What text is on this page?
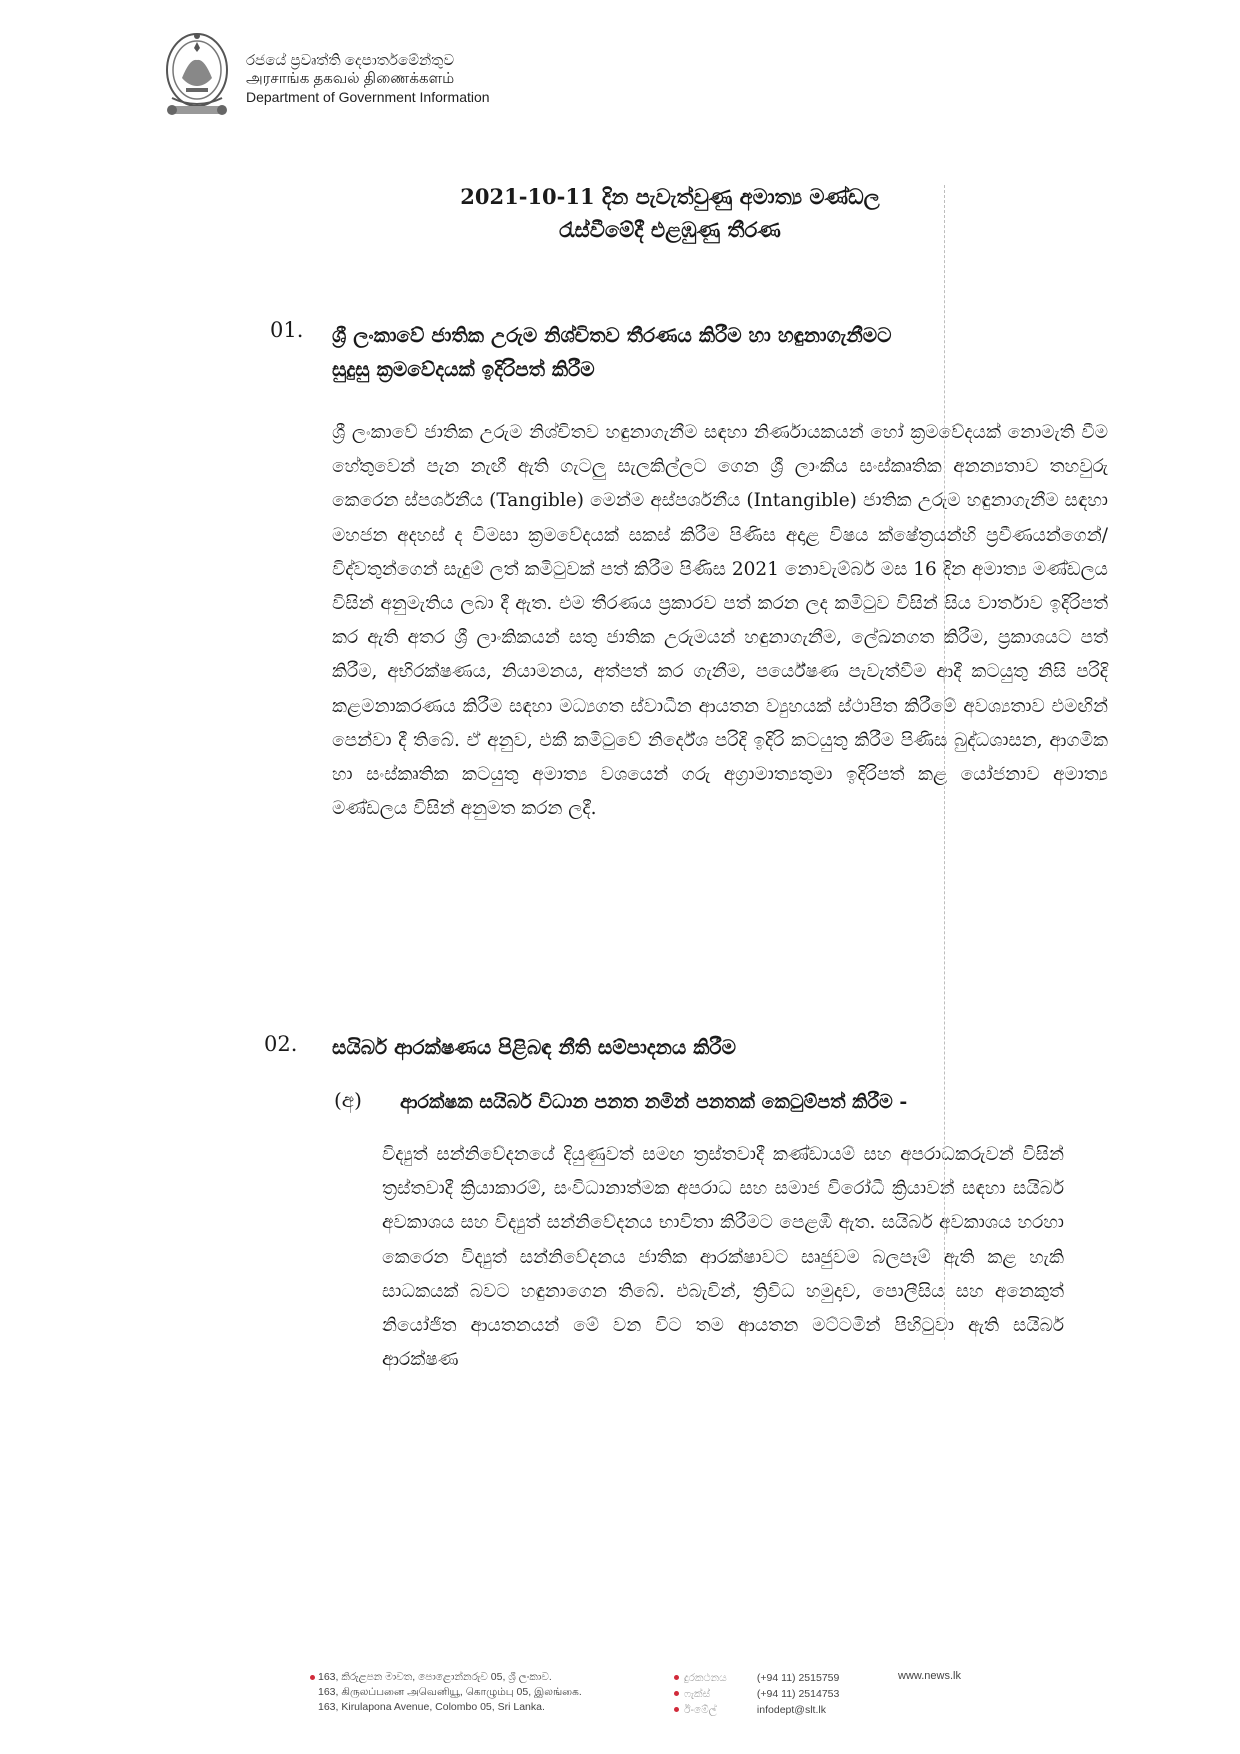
රජයේ ප්‍රවෘත්ති දෙපාර්තමේන්තුව
அரசாங்க தகவல் திணைக்களம்
Department of Government Information
2021-10-11 දින පැවැත්වුණු අමාත්‍ය මණ්ඩල
රැස්වීමේදී එළඹුණු තීරණ
01. ශ්‍රී ලංකාවේ ජාතික උරුම නිශ්චිතව තීරණය කිරීම හා හඳුනාගැනීමට
සුදුසු ක්‍රමවේදයක් ඉදිරිපත් කිරීම
ශ්‍රී ලංකාවේ ජාතික උරුම නිශ්චිතව හඳුනාගැනීම සඳහා නිර්ණායකයන් හෝ ක්‍රමවේදයක් නොමැති වීම හේතුවෙන් පැන නැඟී ඇති ගැටලු සැලකිල්ලට ගෙන ශ්‍රී ලාංකීය සංස්කෘතික අනන්‍යතාව තහවුරු කෙරෙන ස්පර්ශනීය (Tangible) මෙන්ම අස්පර්ශනීය (Intangible) ජාතික උරුම හඳුනාගැනීම සඳහා මහජන අදහස් ද විමසා ක්‍රමවේදයක් සකස් කිරීම පිණිස අදාළ විෂය ක්ෂේත්‍රයන්හි ප්‍රවීණයන්ගෙන්/ විද්වතුන්ගෙන් සැදුම් ලත් කමිටුවක් පත් කිරීම පිණිස 2021 නොවැම්බර් මස 16 දින අමාත්‍ය මණ්ඩලය විසින් අනුමැතිය ලබා දී ඇත. එම තීරණය ප්‍රකාරව පත් කරන ලද කමිටුව විසින් සිය වාර්තාව ඉදිරිපත් කර ඇති අතර ශ්‍රී ලාංකිකයන් සතු ජාතික උරුමයන් හඳුනාගැනීම, ලේඛනගත කිරීම, ප්‍රකාශයට පත් කිරීම, අභිරක්ෂණය, නියාමනය, අත්පත් කර ගැනීම, පර්යේෂණ පැවැත්වීම ආදී කටයුතු නිසි පරිදි කළමනාකරණය කිරීම සඳහා මධ්‍යගත ස්වාධීන ආයතන ව්‍යුහයක් ස්ථාපිත කිරීමේ අවශ්‍යතාව එමඟින් පෙන්වා දී තිබේ. ඒ අනුව, එකී කමිටුවේ නිර්දේශ පරිදි ඉදිරි කටයුතු කිරීම පිණිස බුද්ධශාසන, ආගමික හා සංස්කෘතික කටයුතු අමාත්‍ය වශයෙන් ගරු අග්‍රාමාත්‍යතුමා ඉදිරිපත් කළ යෝජනාව අමාත්‍ය මණ්ඩලය විසින් අනුමත කරන ලදී.
02. සයිබර් ආරක්ෂණය පිළිබඳ නීති සම්පාදනය කිරීම
(අ) ආරක්ෂක සයිබර් විධාන පනත නමින් පනතක් කෙටුම්පත් කිරීම -
විද්‍යුත් සන්නිවේදනයේ දියුණුවත් සමඟ ත්‍රස්තවාදී කණ්ඩායම් සහ අපරාධකරුවන් විසින් ත්‍රස්තවාදී ක්‍රියාකාරම්, සංවිධානාත්මක අපරාධ සහ සමාජ විරෝධී ක්‍රියාවන් සඳහා සයිබර් අවකාශය සහ විද්‍යුත් සන්නිවේදනය භාවිතා කිරීමට පෙළඹී ඇත. සයිබර් අවකාශය හරහා කෙරෙන විද්‍යුත් සන්නිවේදනය ජාතික ආරක්ෂාවට සෘජුවම බලපෑම් ඇති කළ හැකි සාධකයක් බවට හඳුනාගෙන තිබේ. එබැවින්, ත්‍රිවිධ හමුදාව, පොලීසිය සහ අනෙකුත් නියෝජිත ආයතනයන් මේ වන විට තම ආයතන මට්ටමින් පිහිටුවා ඇති සයිබර් ආරක්ෂණ
163, කිරුළපන මාවත, පොළොන්නරුව 05, ශ්‍රී ලංකාව.
163, கிருலப்பனை அவெனியூ, கொழும்பு 05, இலங்கை.
163, Kirulapona Avenue, Colombo 05, Sri Lanka.
දුරකථනය	(+94 11) 2515759
ෆැක්ස්	(+94 11) 2514753
ඊ-මේල්	infodept@slt.lk
www.news.lk
